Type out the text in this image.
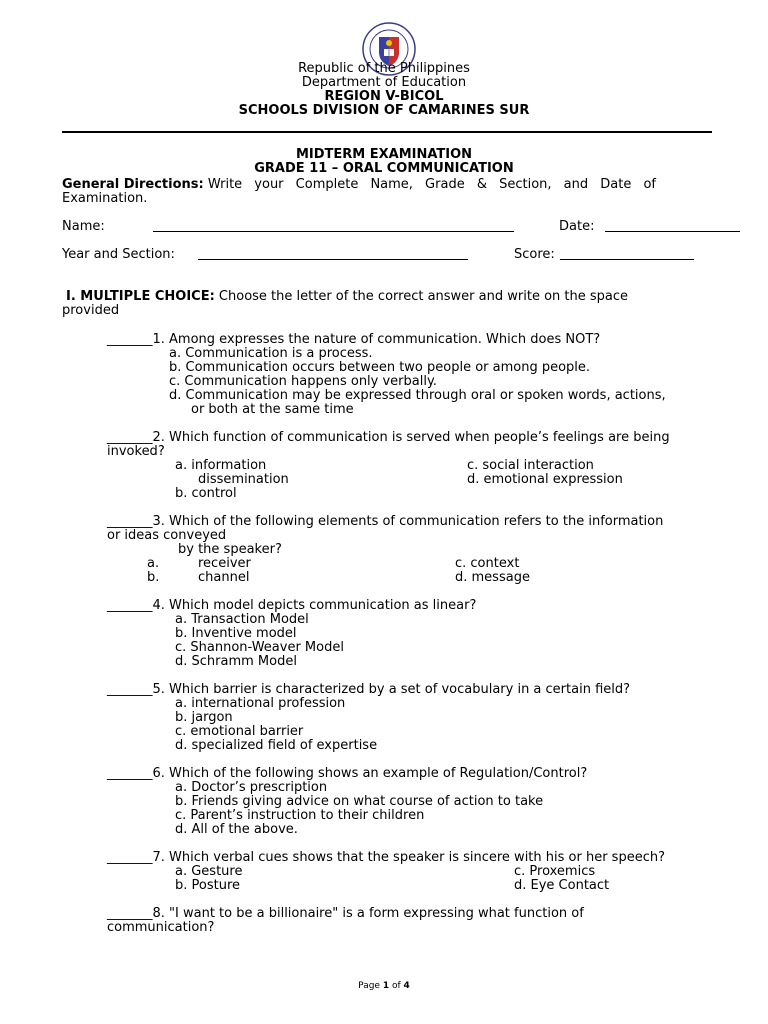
Republic of the Philippines
Department of Education
REGION V-BICOL
SCHOOLS DIVISION OF CAMARINES SUR
MIDTERM EXAMINATION
GRADE 11 – ORAL COMMUNICATION
General Directions: Write your Complete Name, Grade & Section, and Date of
Examination.
Name:	Date:
Year and Section:	Score:
I. MULTIPLE CHOICE: Choose the letter of the correct answer and write on the space
provided
_______1. Among expresses the nature of communication. Which does NOT?
a. Communication is a process.
b. Communication occurs between two people or among people.
c. Communication happens only verbally.
d. Communication may be expressed through oral or spoken words, actions,
or both at the same time
_______2. Which function of communication is served when people’s feelings are being
invoked?
a. information
dissemination
b. control
c. social interaction
d. emotional expression
_______3. Which of the following elements of communication refers to the information
or ideas conveyed
by the speaker?
a.	receiver
b.	channel
c. context
d. message
_______4. Which model depicts communication as linear?
a. Transaction Model
b. Inventive model
c. Shannon-Weaver Model
d. Schramm Model
_______5. Which barrier is characterized by a set of vocabulary in a certain field?
a. international profession
b. jargon
c. emotional barrier
d. specialized field of expertise
_______6. Which of the following shows an example of Regulation/Control?
a. Doctor’s prescription
b. Friends giving advice on what course of action to take
c. Parent’s instruction to their children
d. All of the above.
_______7. Which verbal cues shows that the speaker is sincere with his or her speech?
a. Gesture
b. Posture
c. Proxemics
d. Eye Contact
_______8. "I want to be a billionaire" is a form expressing what function of
communication?
Page 1 of 4
